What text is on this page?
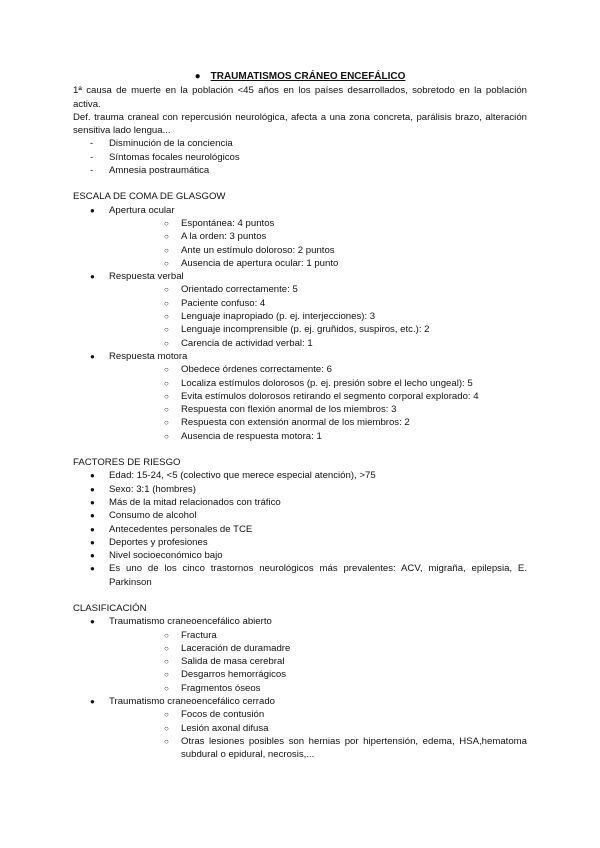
● TRAUMATISMOS CRÁNEO ENCEFÁLICO
1ª causa de muerte en la población <45 años en los países desarrollados, sobretodo en la población activa.
Def. trauma craneal con repercusión neurológica, afecta a una zona concreta, parálisis brazo, alteración sensitiva lado lengua...
- Disminución de la conciencia
- Síntomas focales neurológicos
- Amnesia postraumática
ESCALA DE COMA DE GLASGOW
● Apertura ocular
○ Espontánea: 4 puntos
○ A la orden: 3 puntos
○ Ante un estímulo doloroso: 2 puntos
○ Ausencia de apertura ocular: 1 punto
● Respuesta verbal
○ Orientado correctamente: 5
○ Paciente confuso: 4
○ Lenguaje inapropiado (p. ej. interjecciones): 3
○ Lenguaje incomprensible (p. ej. gruñidos, suspiros, etc.): 2
○ Carencia de actividad verbal: 1
● Respuesta motora
○ Obedece órdenes correctamente: 6
○ Localiza estímulos dolorosos (p. ej. presión sobre el lecho ungeal): 5
○ Evita estímulos dolorosos retirando el segmento corporal explorado: 4
○ Respuesta con flexión anormal de los miembros: 3
○ Respuesta con extensión anormal de los miembros: 2
○ Ausencia de respuesta motora: 1
FACTORES DE RIESGO
● Edad: 15-24, <5 (colectivo que merece especial atención), >75
● Sexo: 3:1 (hombres)
● Más de la mitad relacionados con tráfico
● Consumo de alcohol
● Antecedentes personales de TCE
● Deportes y profesiones
● Nivel socioeconómico bajo
● Es uno de los cinco trastornos neurológicos más prevalentes: ACV, migraña, epilepsia, E. Parkinson
CLASIFICACIÓN
● Traumatismo craneoencefálico abierto
○ Fractura
○ Laceración de duramadre
○ Salida de masa cerebral
○ Desgarros hemorrágicos
○ Fragmentos óseos
● Traumatismo craneoencefálico cerrado
○ Focos de contusión
○ Lesión axonal difusa
○ Otras lesiones posibles son hernias por hipertensión, edema, HSA,hematoma subdural o epidural, necrosis,...
